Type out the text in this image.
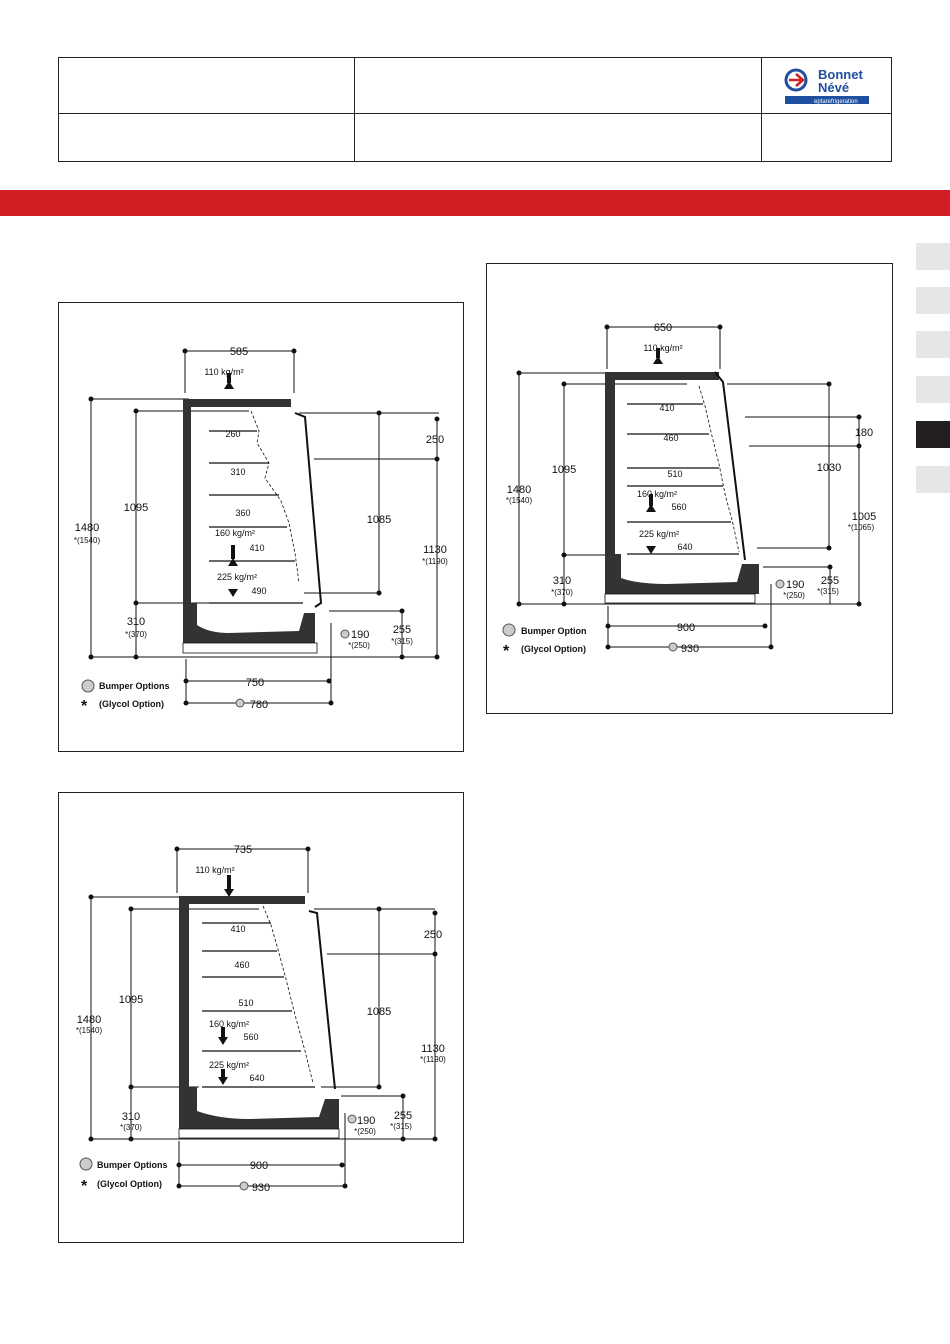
Bonnet
Névé
eptarefrigeration
585
110 kg/m²
1480
*(1540)
1095
310
*(370)
250
1085
1130
*(1190)
255
*(315)
190
*(250)
260
310
360
160 kg/m²
410
225 kg/m²
490
750
780
Bumper Options
* (Glycol Option)
650
110 kg/m²
1480
*(1540)
1095
310
*(370)
180
1030
1005
*(1065)
255
*(315)
190
*(250)
410
460
510
160 kg/m²
560
225 kg/m²
640
900
930
Bumper Option
* (Glycol Option)
735
110 kg/m²
1480
*(1540)
1095
310
*(370)
250
1085
1130
*(1190)
255
*(315)
190
*(250)
410
460
510
160 kg/m²
560
225 kg/m²
640
900
930
Bumper Options
* (Glycol Option)
